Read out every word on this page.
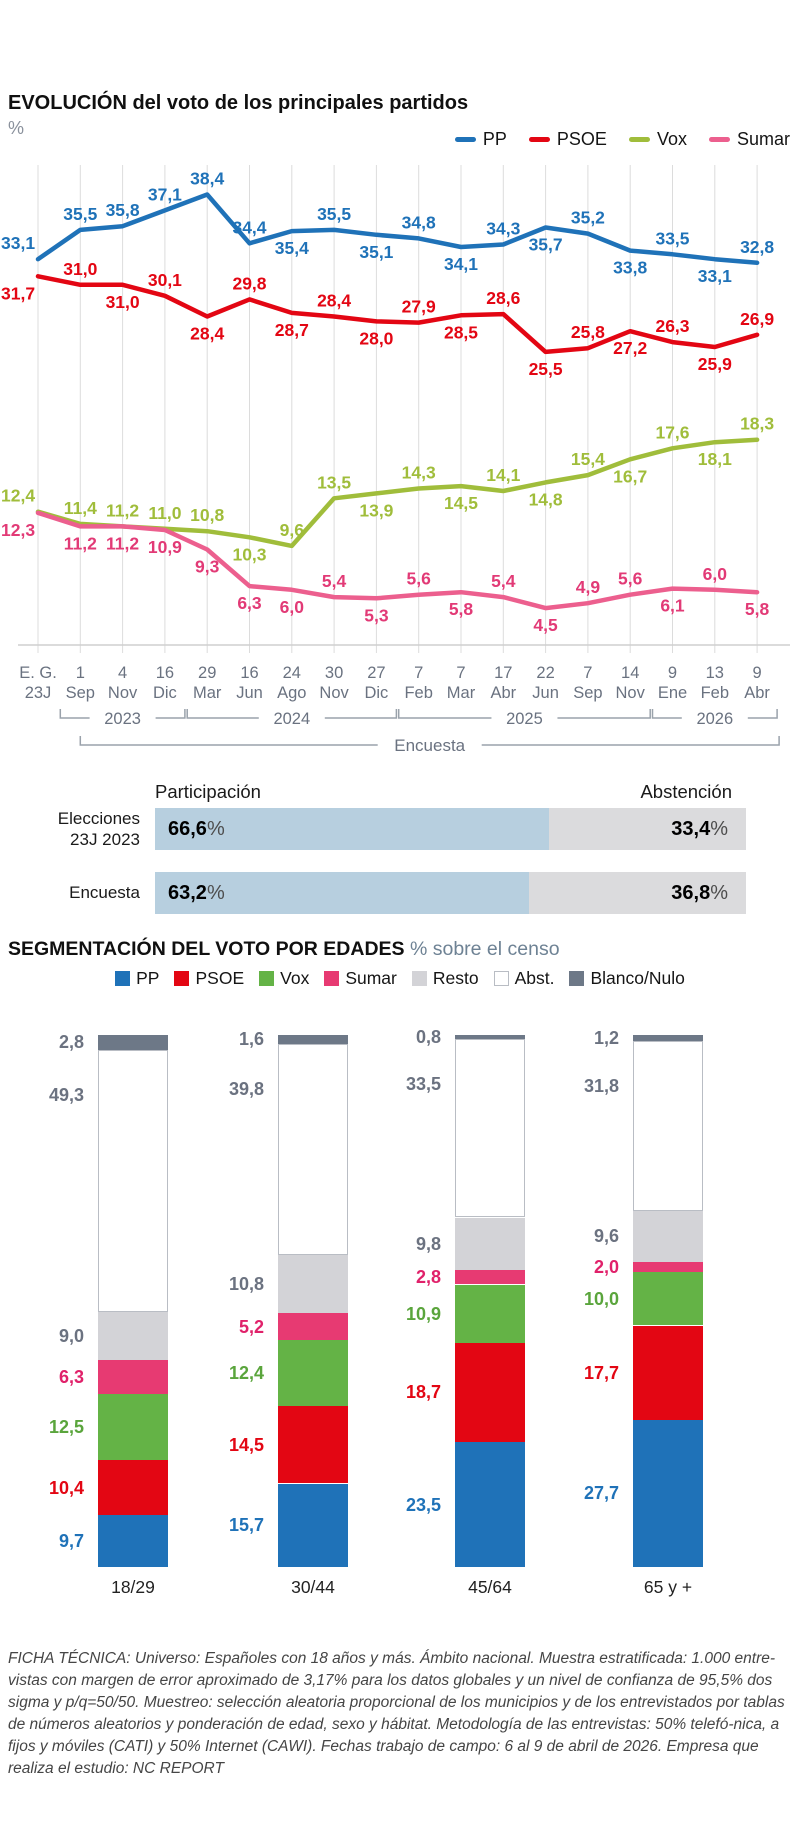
EVOLUCIÓN del voto de los principales partidos
%
PP	PSOE	Vox	Sumar
33,1
35,5 35,8
37,1
38,4
34,4
35,4
35,5
35,1
34,8
34,1
34,3
35,7
35,2
33,8
33,5
33,1
32,8
31,7
31,0
31,0
30,1
28,4
29,8
28,7
28,4
28,0
27,9
28,5
28,6
25,5
25,8
27,2
26,3
25,9
26,9
12,4
11,4 11,2 11,0 10,8
10,3
9,6
13,5
13,9
14,3
14,5
14,1
14,8
15,4
16,7
17,6
18,1
18,3
12,3
11,2 11,2 10,9
9,3
6,3 6,0
5,4
5,3
5,6
5,8
5,4
4,5
4,9 5,6
6,1
6,0
5,8
E. G.
23J
1
Sep
4
Nov
16
Dic
29
Mar
16
Jun
24
Ago
30
Nov
27
Dic
7
Feb
7
Mar
17
Abr
22
Jun
7
Sep
14
Nov
9
Ene
13
Feb
9
Abr
2023	2024	2025	2026
Encuesta
Participación	Abstención
Elecciones
23J 2023 66,6%	33,4%
Encuesta 63,2%	36,8%
SEGMENTACIÓN DEL VOTO POR EDADES % sobre el censo
PP PSOE Vox Sumar Resto Abst. Blanco/Nulo
9,7
10,4
12,5
6,3
9,0
49,3
2,8
18/29
15,7
14,5
12,4
5,2
10,8
39,8
1,6
30/44
23,5
18,7
10,9
2,8
9,8
33,5
0,8
45/64
27,7
17,7
10,0
2,0
9,6
31,8
1,2
65 y +
FICHA TÉCNICA: Universo: Españoles con 18 años y más. Ámbito nacional. Muestra estratificada: 1.000 entre-vistas con margen de error aproximado de 3,17% para los datos globales y un nivel de confianza de 95,5% dos sigma y p/q=50/50. Muestreo: selección aleatoria proporcional de los municipios y de los entrevistados por tablas de números aleatorios y ponderación de edad, sexo y hábitat. Metodología de las entrevistas: 50% telefó-nica, a fijos y móviles (CATI) y 50% Internet (CAWI). Fechas trabajo de campo: 6 al 9 de abril de 2026. Empresa que realiza el estudio: NC REPORT
